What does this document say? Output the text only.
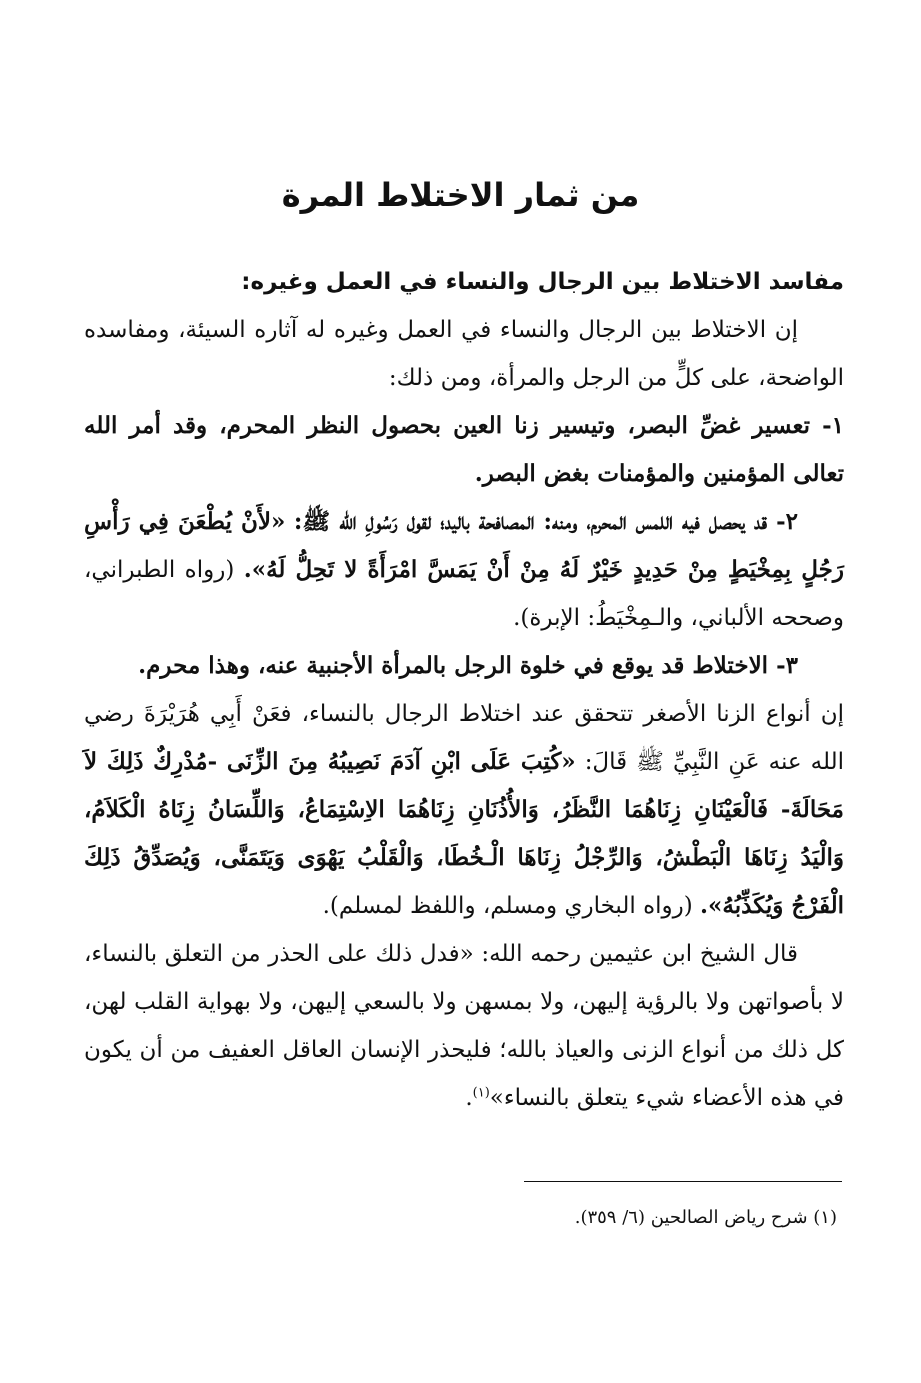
من ثمار الاختلاط المرة

مفاسد الاختلاط بين الرجال والنساء في العمل وغيره:

إن الاختلاط بين الرجال والنساء في العمل وغيره له آثاره السيئة، ومفاسده الواضحة، على كلٍّ من الرجل والمرأة، ومن ذلك:

١- تعسير غضِّ البصر، وتيسير زنا العين بحصول النظر المحرم، وقد أمر الله تعالى المؤمنين والمؤمنات بغض البصر.

٢- قد يحصل فيه اللمس المحرم، ومنه: المصافحة باليد؛ لقول رَسُولِ الله ﷺ: «لأَنْ يُطْعَنَ فِي رَأْسِ رَجُلٍ بِمِخْيَطٍ مِنْ حَدِيدٍ خَيْرٌ لَهُ مِنْ أَنْ يَمَسَّ امْرَأَةً لا تَحِلُّ لَهُ». (رواه الطبراني، وصححه الألباني، والـمِخْيَطُ: الإبرة).

٣- الاختلاط قد يوقع في خلوة الرجل بالمرأة الأجنبية عنه، وهذا محرم.

إن أنواع الزنا الأصغر تتحقق عند اختلاط الرجال بالنساء، فعَنْ أَبِي هُرَيْرَةَ رضي الله عنه عَنِ النَّبِيِّ ﷺ قَالَ: «كُتِبَ عَلَى ابْنِ آدَمَ نَصِيبُهُ مِنَ الزِّنَى -مُدْرِكٌ ذَلِكَ لاَ مَحَالَةَ- فَالْعَيْنَانِ زِنَاهُمَا النَّظَرُ، وَالأُذُنَانِ زِنَاهُمَا الاِسْتِمَاعُ، وَاللِّسَانُ زِنَاهُ الْكَلاَمُ، وَالْيَدُ زِنَاهَا الْبَطْشُ، وَالرِّجْلُ زِنَاهَا الْـخُطَا، وَالْقَلْبُ يَهْوَى وَيَتَمَنَّى، وَيُصَدِّقُ ذَلِكَ الْفَرْجُ وَيُكَذِّبُهُ». (رواه البخاري ومسلم، واللفظ لمسلم).

قال الشيخ ابن عثيمين رحمه الله: «فدل ذلك على الحذر من التعلق بالنساء، لا بأصواتهن ولا بالرؤية إليهن، ولا بمسهن ولا بالسعي إليهن، ولا بهواية القلب لهن، كل ذلك من أنواع الزنى والعياذ بالله؛ فليحذر الإنسان العاقل العفيف من أن يكون في هذه الأعضاء شيء يتعلق بالنساء»$^{(١)}$.

(١) شرح رياض الصالحين (٦/ ٣٥٩).
